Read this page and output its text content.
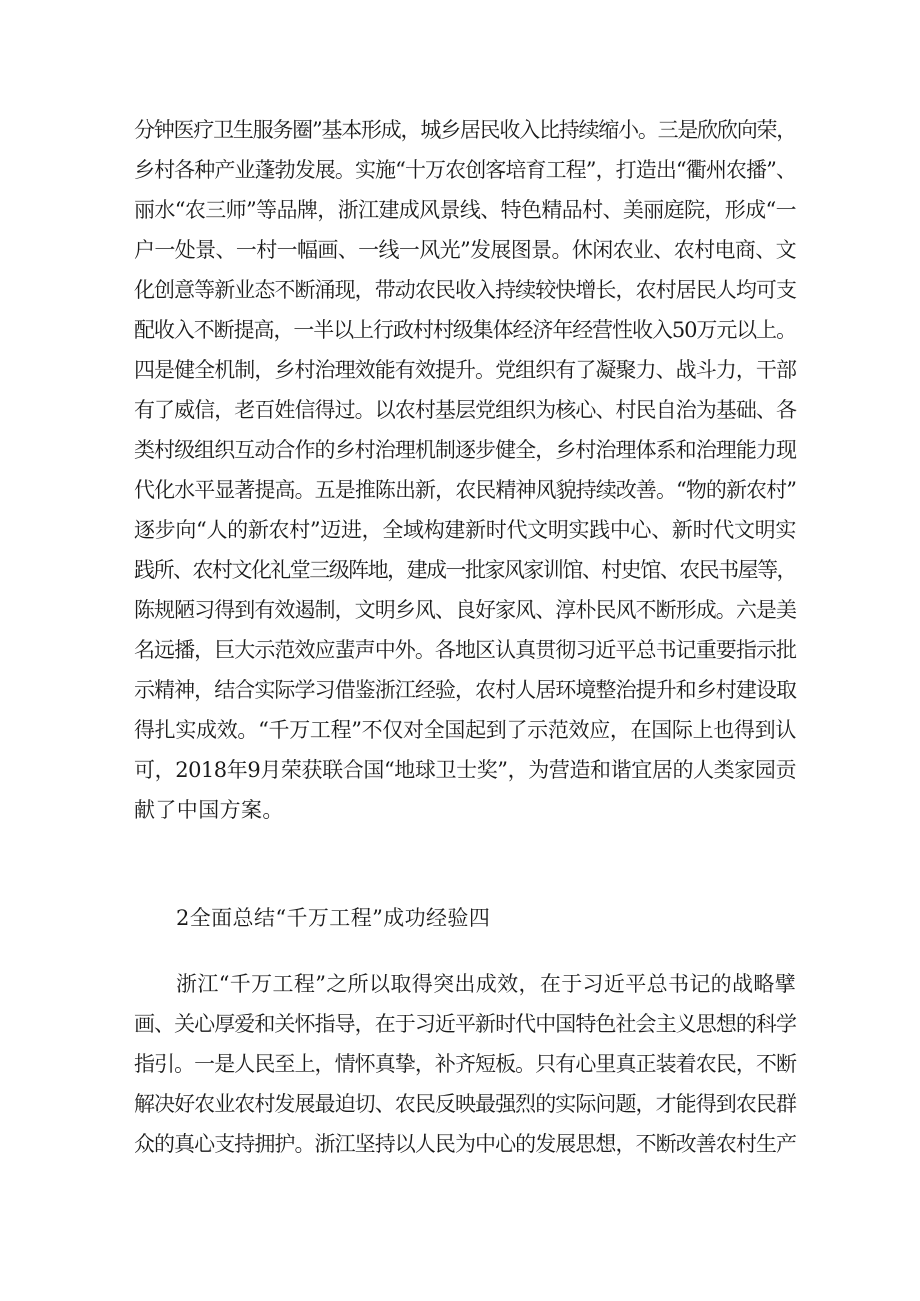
分钟医疗卫生服务圈”基本形成，城乡居民收入比持续缩小。三是欣欣向荣，
乡村各种产业蓬勃发展。实施“十万农创客培育工程”，打造出“衢州农播”、
丽水“农三师”等品牌，浙江建成风景线、特色精品村、美丽庭院，形成“一
户一处景、一村一幅画、一线一风光”发展图景。休闲农业、农村电商、文
化创意等新业态不断涌现，带动农民收入持续较快增长，农村居民人均可支
配收入不断提高，一半以上行政村村级集体经济年经营性收入50万元以上。
四是健全机制，乡村治理效能有效提升。党组织有了凝聚力、战斗力，干部
有了威信，老百姓信得过。以农村基层党组织为核心、村民自治为基础、各
类村级组织互动合作的乡村治理机制逐步健全，乡村治理体系和治理能力现
代化水平显著提高。五是推陈出新，农民精神风貌持续改善。“物的新农村”
逐步向“人的新农村”迈进，全域构建新时代文明实践中心、新时代文明实
践所、农村文化礼堂三级阵地，建成一批家风家训馆、村史馆、农民书屋等，
陈规陋习得到有效遏制，文明乡风、良好家风、淳朴民风不断形成。六是美
名远播，巨大示范效应蜚声中外。各地区认真贯彻习近平总书记重要指示批
示精神，结合实际学习借鉴浙江经验，农村人居环境整治提升和乡村建设取
得扎实成效。“千万工程”不仅对全国起到了示范效应，在国际上也得到认
可，2018年9月荣获联合国“地球卫士奖”，为营造和谐宜居的人类家园贡
献了中国方案。
2全面总结“千万工程”成功经验四
浙江“千万工程”之所以取得突出成效，在于习近平总书记的战略擘
画、关心厚爱和关怀指导，在于习近平新时代中国特色社会主义思想的科学
指引。一是人民至上，情怀真挚，补齐短板。只有心里真正装着农民，不断
解决好农业农村发展最迫切、农民反映最强烈的实际问题，才能得到农民群
众的真心支持拥护。浙江坚持以人民为中心的发展思想，不断改善农村生产
